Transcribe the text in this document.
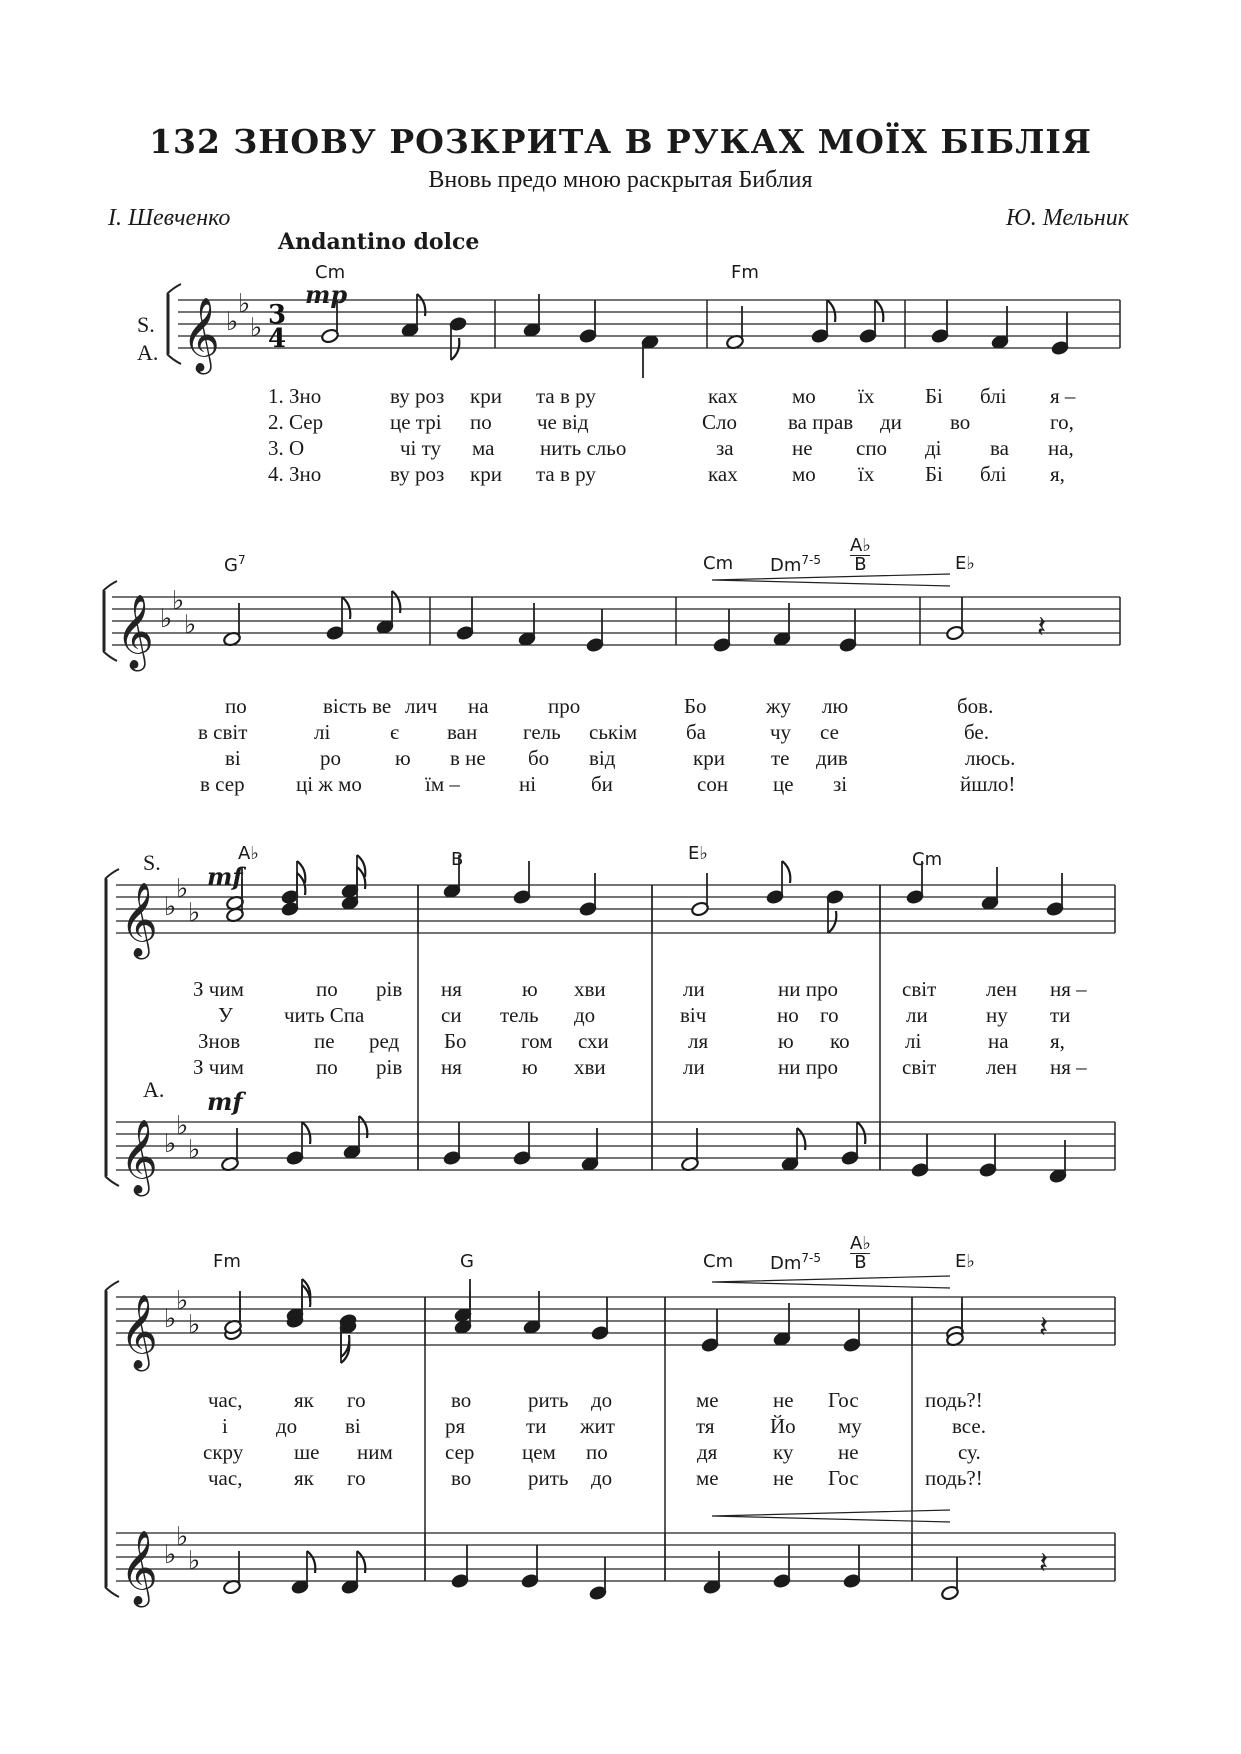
132 ЗНОВУ РОЗКРИТА В РУКАХ МОЇХ БІБЛІЯ
Вновь предо мною раскрытая Библия
І. Шевченко	Ю. Мельник
Andantino dolce
Cm	Fm
$G^7$	Cm Dm$^{7-5}$
A♭
B	E♭
A♭	B	E♭	Cm
Fm	G	Cm Dm$^{7-5}$
A♭
B	E♭
mp
mf
mf
S.
A.
S.
A.
𝄞 ♭
♭
♭ 3
4
𝄞 ♭
♭
♭
𝄞 ♭
♭
♭
𝄞 ♭
♭
♭
𝄞 ♭
♭
♭
𝄞 ♭
♭
♭
𝄽
𝄽
𝄽
1. Зно	ву роз кри та в ру	ках	мо їх Бі блі я –
2. Сер	це трі по че від	Сло ва прав ди во	го,
3. О	чі ту ма нить сльо	за	не спо ді ва на,
4. Зно	ву роз кри та в ру	ках	мо їх Бі блі я,
по	вість ве лич на	про	Бо	жу лю	бов.
в світ	лі	є ван гель ськім ба	чу се	бе.
ві	ро	ю в не бо від	кри те див	люсь.
в сер ці ж мо	їм –	ні	би	сон це зі	йшло!
З чим	по рів ня	ю хви	ли	ни про	світ лен ня –
У чить Спа	си тель до	віч	но го	ли	ну ти
Знов	пе ред Бо	гом схи	ля	ю ко	лі	на я,
З чим	по рів ня	ю хви	ли	ни про	світ лен ня –
час, як го	во	рить до	ме	не Гос	подь?!
і до ві	ря	ти жит	тя	Йо му	все.
скру ше ним сер цем по	дя	ку не	су.
час, як го	во	рить до	ме	не Гос	подь?!
